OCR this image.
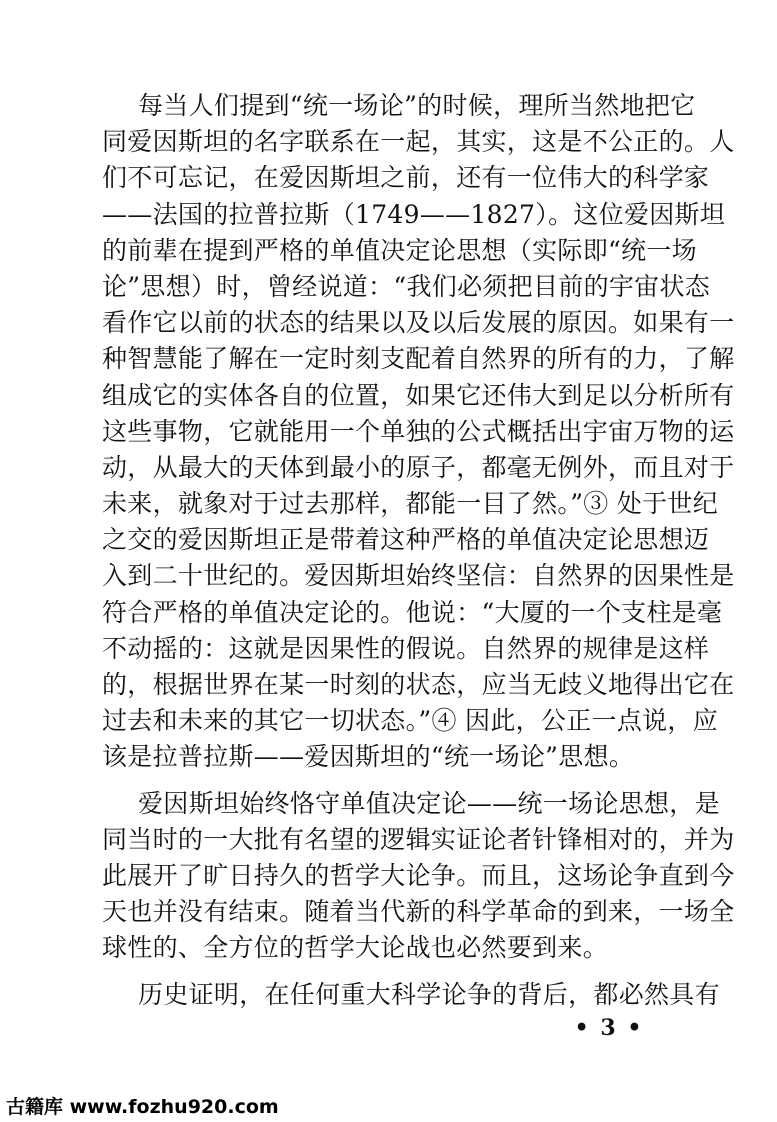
每当人们提到“统一场论”的时候，理所当然地把它
同爱因斯坦的名字联系在一起，其实，这是不公正的。人
们不可忘记，在爱因斯坦之前，还有一位伟大的科学家
——法国的拉普拉斯（1749——1827）。这位爱因斯坦
的前辈在提到严格的单值决定论思想（实际即“统一场
论”思想）时，曾经说道：“我们必须把目前的宇宙状态
看作它以前的状态的结果以及以后发展的原因。如果有一
种智慧能了解在一定时刻支配着自然界的所有的力，了解
组成它的实体各自的位置，如果它还伟大到足以分析所有
这些事物，它就能用一个单独的公式概括出宇宙万物的运
动，从最大的天体到最小的原子，都毫无例外，而且对于
未来，就象对于过去那样，都能一目了然。”③ 处于世纪
之交的爱因斯坦正是带着这种严格的单值决定论思想迈
入到二十世纪的。爱因斯坦始终坚信：自然界的因果性是
符合严格的单值决定论的。他说：“大厦的一个支柱是毫
不动摇的：这就是因果性的假说。自然界的规律是这样
的，根据世界在某一时刻的状态，应当无歧义地得出它在
过去和未来的其它一切状态。”④ 因此，公正一点说，应
该是拉普拉斯——爱因斯坦的“统一场论”思想。
爱因斯坦始终恪守单值决定论——统一场论思想，是
同当时的一大批有名望的逻辑实证论者针锋相对的，并为
此展开了旷日持久的哲学大论争。而且，这场论争直到今
天也并没有结束。随着当代新的科学革命的到来，一场全
球性的、全方位的哲学大论战也必然要到来。
历史证明，在任何重大科学论争的背后，都必然具有
• 3 •
古籍库 www.fozhu920.com
